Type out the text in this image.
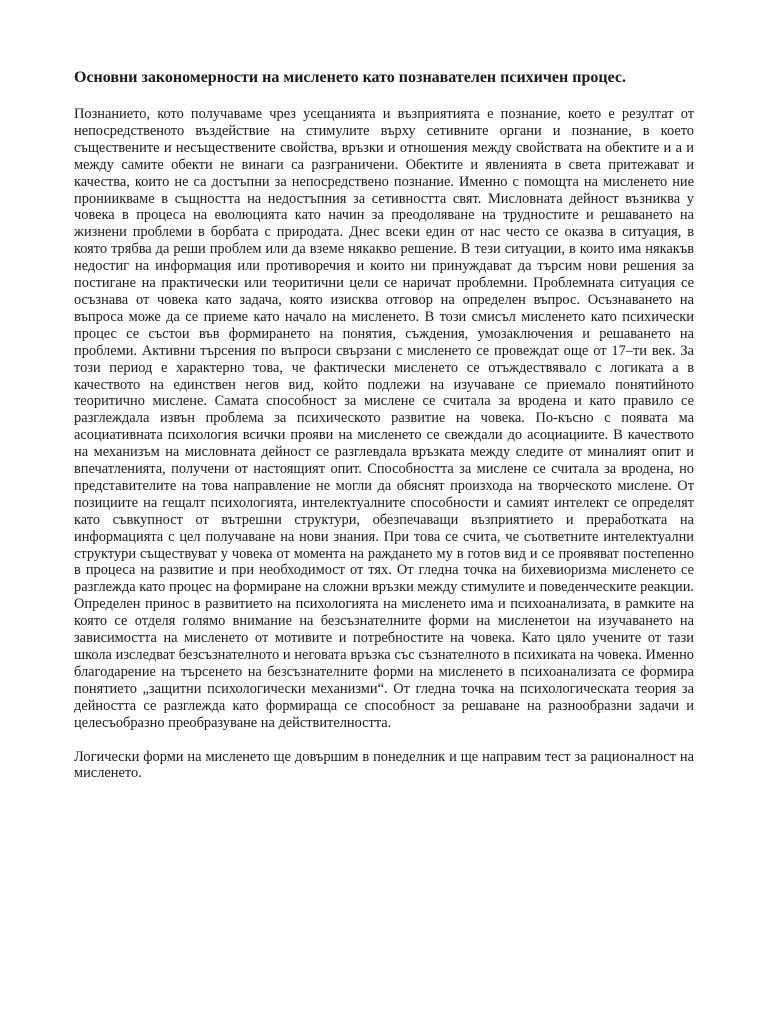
Основни закономерности на мисленето като познавателен психичен процес.

Познанието, кото получаваме чрез усещанията и възприятията е познание, което е резултат от непосредственото въздействие на стимулите върху сетивните органи и познание, в което съществените и несъществените свойства, връзки и отношения между свойствата на обектите и а и между самите обекти не винаги са разграничени. Обектите и явленията в света притежават и качества, които не са достъпни за непосредствено познание. Именно с помощта на мисленето ние прониикваме в същността на недостъпния за сетивността свят. Мисловната дейност възниква у човека в процеса на еволюцията като начин за преодоляване на трудностите и решаването на жизнени проблеми в борбата с природата. Днес всеки един от нас често се оказва в ситуация, в която трябва да реши проблем или да вземе някакво решение. В тези ситуации, в които има някакъв недостиг на информация или противоречия и които ни принуждават да търсим нови решения за постигане на практически или теоритични цели се наричат проблемни. Проблемната ситуация се осъзнава от човека като задача, която изисква отговор на определен въпрос. Осъзнаването на въпроса може да се приеме като начало на мисленето. В този смисъл мисленето като психически процес се състои във формирането на понятия, съждения, умозаключения и решаването на проблеми. Активни търсения по въпроси свързани с мисленето се провеждат още от 17–ти век. За този период е характерно това, че фактически мисленето се отъждествявало с логиката а в качеството на единствен негов вид, който подлежи на изучаване се приемало понятийното теоритично мислене. Самата способност за мислене се считала за вродена и като правило се разглеждала извън проблема за психическото развитие на човека. По-късно с появата ма асоциативната психология всички прояви на мисленето се свеждали до асоциациите. В качеството на механизъм на мисловната дейност се разглевдала връзката между следите от миналият опит и впечатленията, получени от настоящият опит. Способността за мислене се считала за вродена, но представителите на това направление не могли да обяснят произхода на творческото мислене. От позициите на гещалт психологията, интелектуалните способности и самият интелект се определят като съвкупност от вътрешни структури, обезпечаващи възприятието и преработката на информацията с цел получаване на нови знания. При това се счита, че съответните интелектуални структури съществуват у човека от момента на раждането му в готов вид и се проявяват постепенно в процеса на развитие и при необходимост от тях. От гледна точка на бихевиоризма мисленето се разглежда като процес на формиране на сложни връзки между стимулите и поведенческите реакции. Определен принос в развитието на психологията на мисленето има и психоанализата, в рамките на която се отделя голямо внимание на безсъзнателните форми на мисленетои на изучаването на зависимостта на мисленето от мотивите и потребностите на човека. Като цяло учените от тази школа изследват безсъзнателното и неговата връзка със съзнателното в психиката на човека. Именно благодарение на търсенето на безсъзнателните форми на мисленето в психоанализата се формира понятието „защитни психологически механизми“. От гледна точка на психологическата теория за дейността се разглежда като формираща се способност за решаване на разнообразни задачи и целесъобразно преобразуване на действителността.

Логически форми на мисленето ще довършим в понеделник и ще направим тест за рационалност на мисленето.
